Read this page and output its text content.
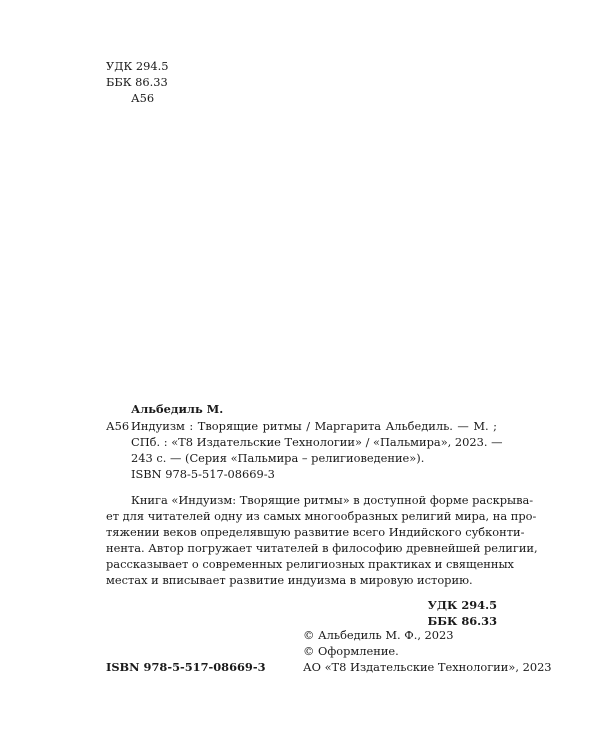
УДК 294.5
ББК 86.33
А56
Альбедиль М.
А56 Индуизм : Творящие ритмы / Маргарита Альбедиль. — М. ;
СПб. : «Т8 Издательские Технологии» / «Пальмира», 2023. —
243 с. — (Серия «Пальмира – религиоведение»).
ISBN 978-5-517-08669-3
Книга «Индуизм: Творящие ритмы» в доступной форме раскрыва-
ет для читателей одну из самых многообразных религий мира, на про-
тяжении веков определявшую развитие всего Индийского субконти-
нента. Автор погружает читателей в философию древнейшей религии,
рассказывает о современных религиозных практиках и священных
местах и вписывает развитие индуизма в мировую историю.
УДК 294.5
ББК 86.33
© Альбедиль М. Ф., 2023
© Оформление.
АО «Т8 Издательские Технологии», 2023
ISBN 978-5-517-08669-3
